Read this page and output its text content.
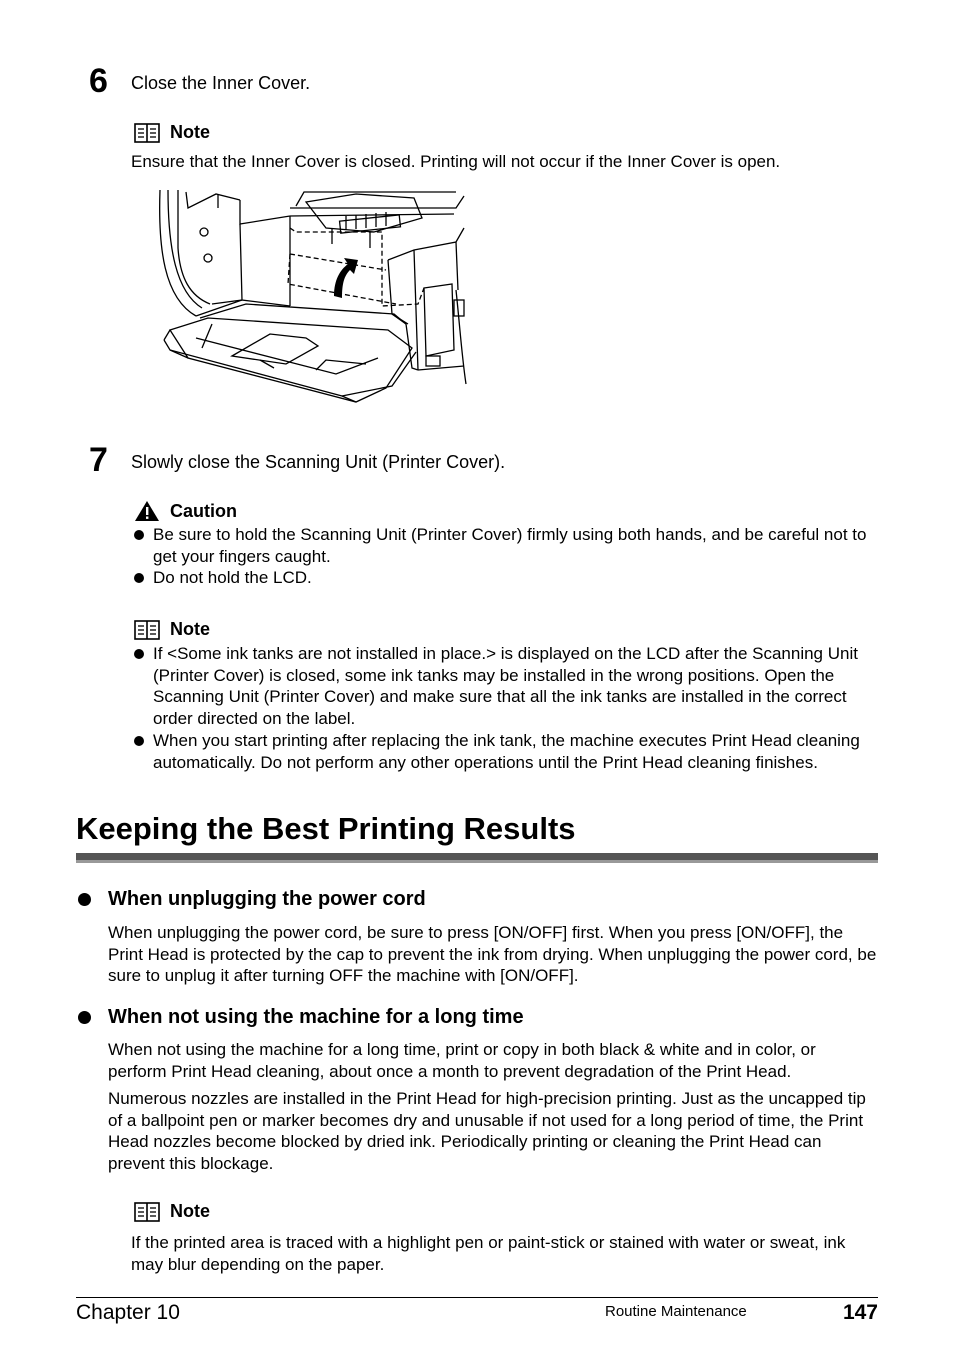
6 Close the Inner Cover.
Note
Ensure that the Inner Cover is closed. Printing will not occur if the Inner Cover is open.
7 Slowly close the Scanning Unit (Printer Cover).
Caution
Be sure to hold the Scanning Unit (Printer Cover) firmly using both hands, and be careful not to get your fingers caught.
Do not hold the LCD.
Note
If <Some ink tanks are not installed in place.> is displayed on the LCD after the Scanning Unit (Printer Cover) is closed, some ink tanks may be installed in the wrong positions. Open the Scanning Unit (Printer Cover) and make sure that all the ink tanks are installed in the correct order directed on the label.
When you start printing after replacing the ink tank, the machine executes Print Head cleaning automatically. Do not perform any other operations until the Print Head cleaning finishes.
Keeping the Best Printing Results
When unplugging the power cord
When unplugging the power cord, be sure to press [ON/OFF] first. When you press [ON/OFF], the Print Head is protected by the cap to prevent the ink from drying. When unplugging the power cord, be sure to unplug it after turning OFF the machine with [ON/OFF].
When not using the machine for a long time
When not using the machine for a long time, print or copy in both black & white and in color, or perform Print Head cleaning, about once a month to prevent degradation of the Print Head.
Numerous nozzles are installed in the Print Head for high-precision printing. Just as the uncapped tip of a ballpoint pen or marker becomes dry and unusable if not used for a long period of time, the Print Head nozzles become blocked by dried ink. Periodically printing or cleaning the Print Head can prevent this blockage.
Note
If the printed area is traced with a highlight pen or paint-stick or stained with water or sweat, ink may blur depending on the paper.
Chapter 10	Routine Maintenance	147
